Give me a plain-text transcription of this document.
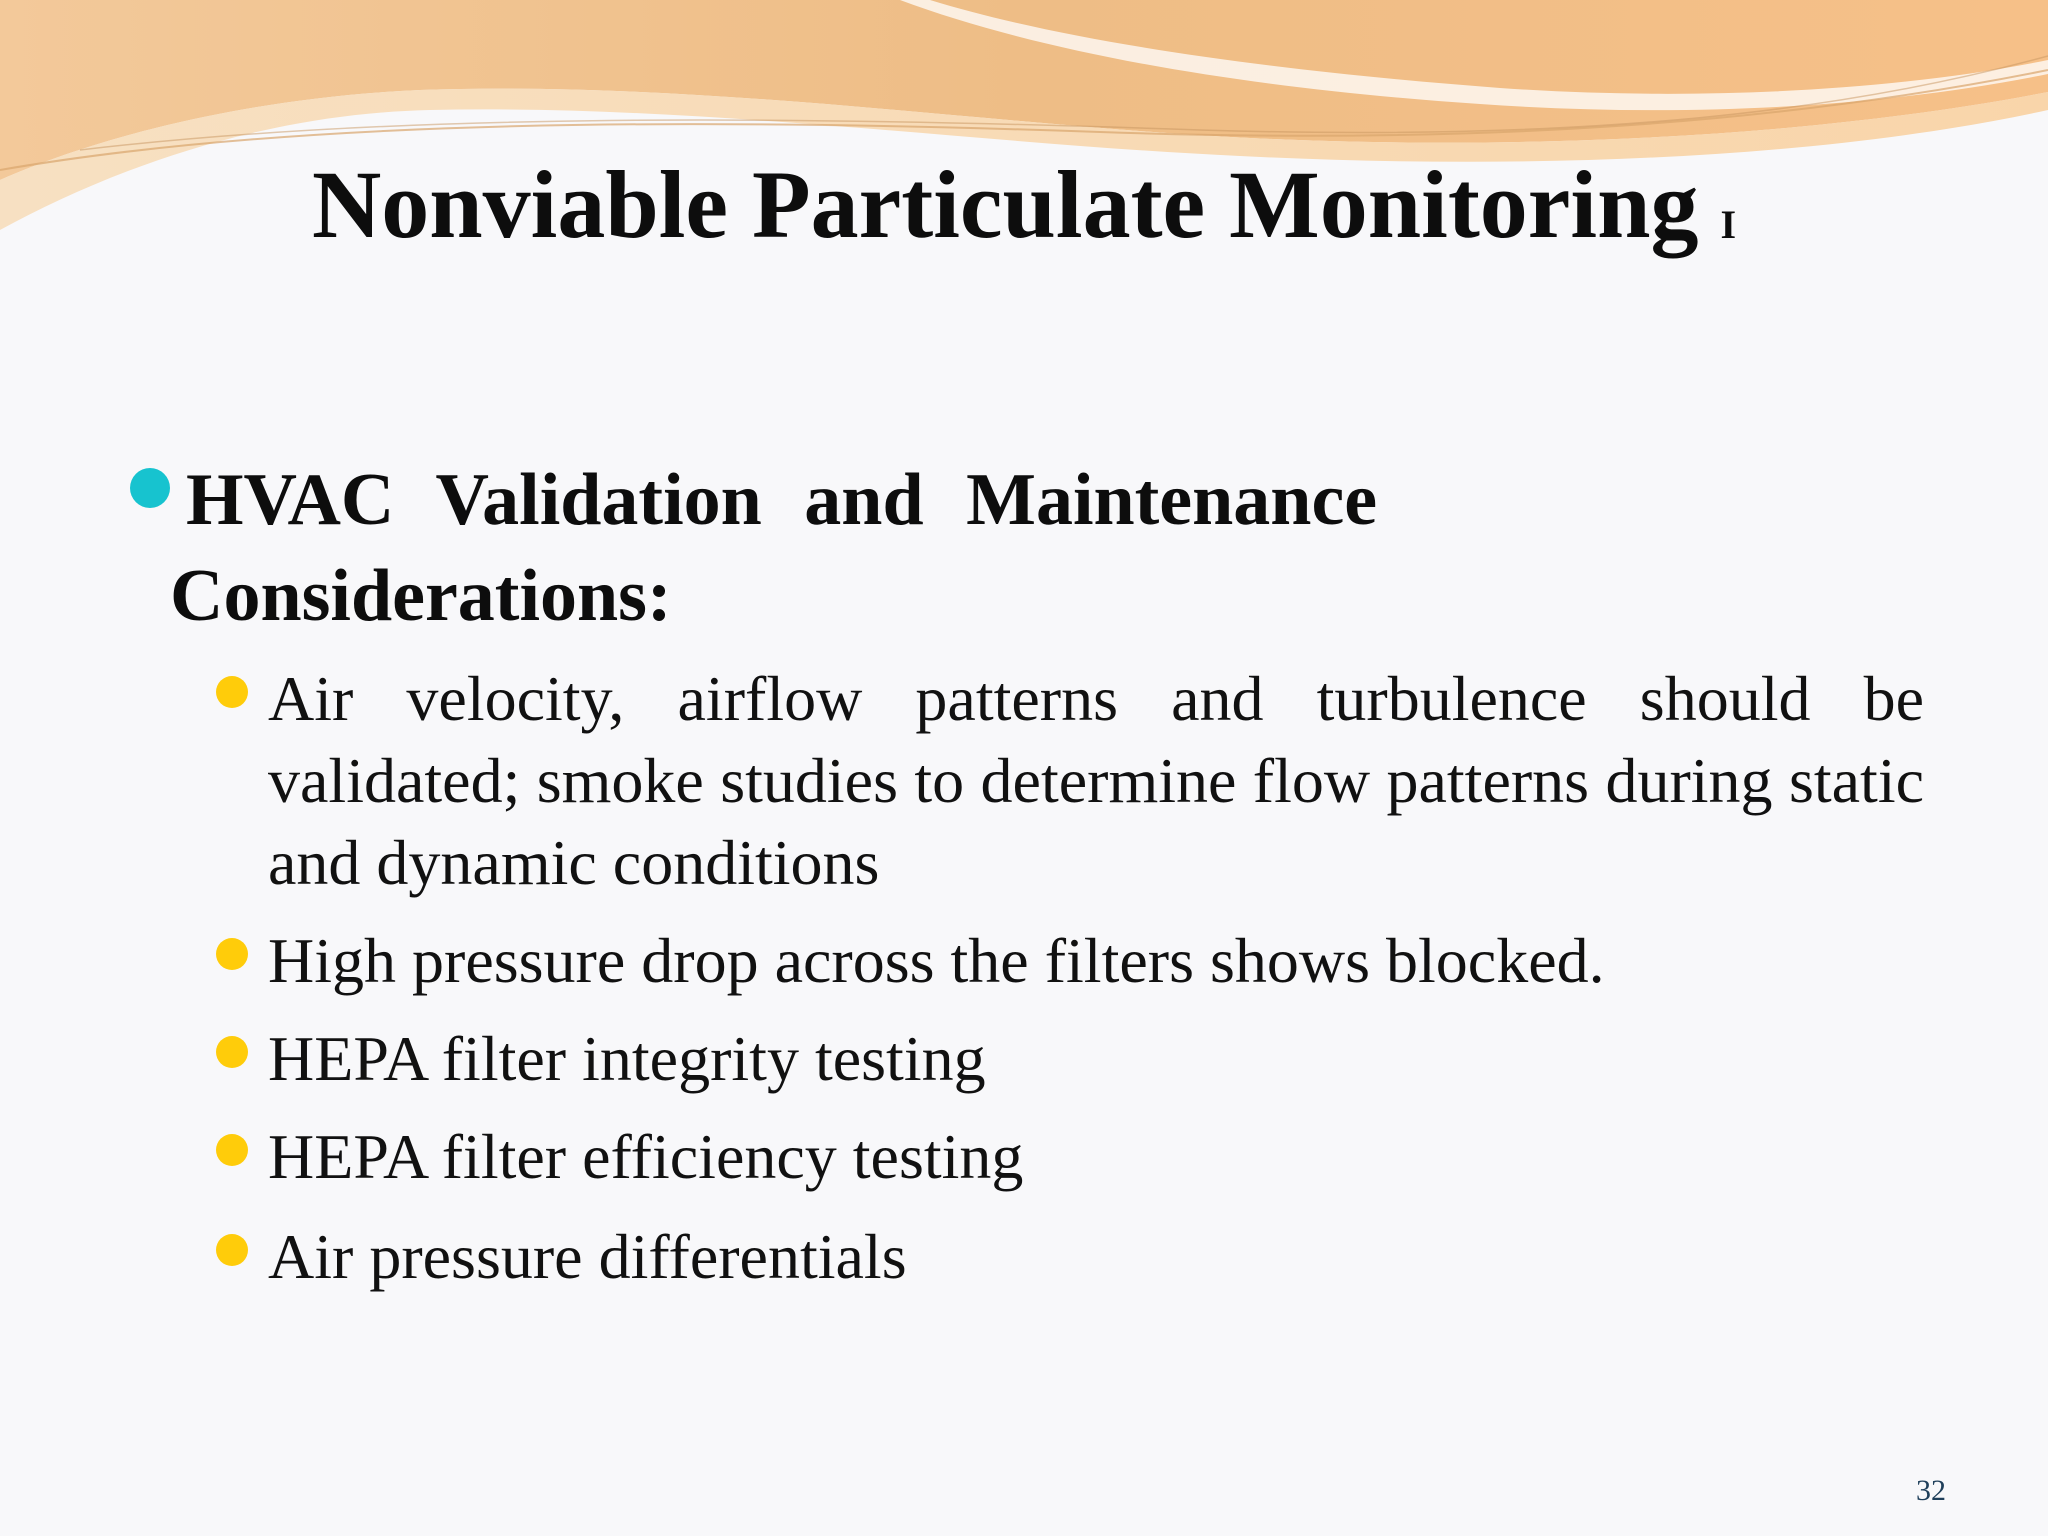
Nonviable Particulate Monitoring $^I$
HVAC Validation and Maintenance
Considerations:
Air velocity, airflow patterns and turbulence should be validated; smoke studies to determine flow patterns during static and dynamic conditions
High pressure drop across the filters shows blocked.
HEPA filter integrity testing
HEPA filter efficiency testing
Air pressure differentials
32
